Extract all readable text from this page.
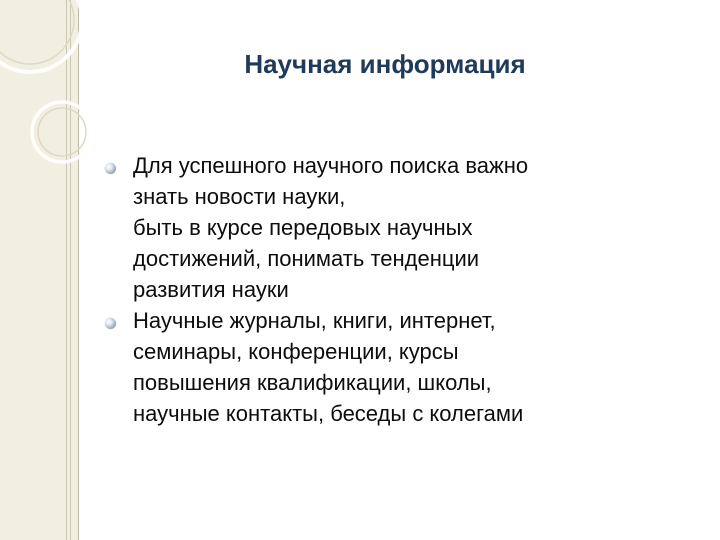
Научная информация
Для успешного научного поиска важно
знать новости науки,
быть в курсе передовых научных
достижений, понимать тенденции
развития науки
Научные журналы, книги, интернет,
семинары, конференции, курсы
повышения квалификации, школы,
научные контакты, беседы с колегами
